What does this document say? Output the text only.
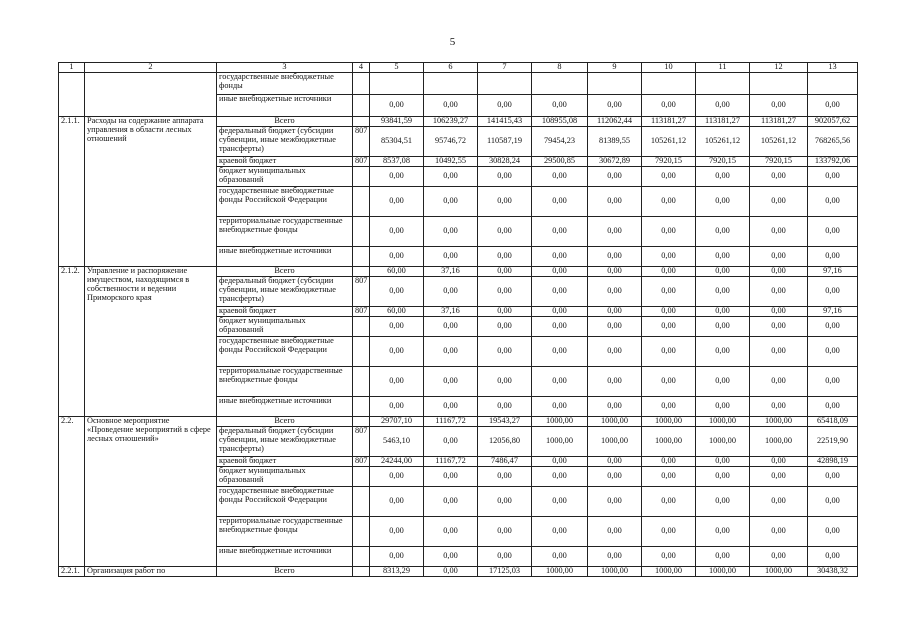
5
1	2	3	4	5	6	7	8	9	10	11	12	13
		государственные внебюджетные фонды										
		иные внебюджетные источники		0,00	0,00	0,00	0,00	0,00	0,00	0,00	0,00	0,00
2.1.1.	Расходы на содержание аппарата управления в области лесных отношений	Всего		93841,59	106239,27	141415,43	108955,08	112062,44	113181,27	113181,27	113181,27	902057,62
		федеральный бюджет (субсидии субвенции, иные межбюджетные трансферты)	807	85304,51	95746,72	110587,19	79454,23	81389,55	105261,12	105261,12	105261,12	768265,56
		краевой бюджет	807	8537,08	10492,55	30828,24	29500,85	30672,89	7920,15	7920,15	7920,15	133792,06
		бюджет муниципальных образований		0,00	0,00	0,00	0,00	0,00	0,00	0,00	0,00	0,00
		государственные внебюджетные фонды Российской Федерации		0,00	0,00	0,00	0,00	0,00	0,00	0,00	0,00	0,00
		территориальные государственные внебюджетные фонды		0,00	0,00	0,00	0,00	0,00	0,00	0,00	0,00	0,00
		иные внебюджетные источники		0,00	0,00	0,00	0,00	0,00	0,00	0,00	0,00	0,00
2.1.2.	Управление и распоряжение имуществом, находящимся в собственности и ведении Приморского края	Всего		60,00	37,16	0,00	0,00	0,00	0,00	0,00	0,00	97,16
		федеральный бюджет (субсидии субвенции, иные межбюджетные трансферты)	807	0,00	0,00	0,00	0,00	0,00	0,00	0,00	0,00	0,00
		краевой бюджет	807	60,00	37,16	0,00	0,00	0,00	0,00	0,00	0,00	97,16
		бюджет муниципальных образований		0,00	0,00	0,00	0,00	0,00	0,00	0,00	0,00	0,00
		государственные внебюджетные фонды Российской Федерации		0,00	0,00	0,00	0,00	0,00	0,00	0,00	0,00	0,00
		территориальные государственные внебюджетные фонды		0,00	0,00	0,00	0,00	0,00	0,00	0,00	0,00	0,00
		иные внебюджетные источники		0,00	0,00	0,00	0,00	0,00	0,00	0,00	0,00	0,00
2.2.	Основное мероприятие «Проведение мероприятий в сфере лесных отношений»	Всего		29707,10	11167,72	19543,27	1000,00	1000,00	1000,00	1000,00	1000,00	65418,09
		федеральный бюджет (субсидии субвенции, иные межбюджетные трансферты)	807	5463,10	0,00	12056,80	1000,00	1000,00	1000,00	1000,00	1000,00	22519,90
		краевой бюджет	807	24244,00	11167,72	7486,47	0,00	0,00	0,00	0,00	0,00	42898,19
		бюджет муниципальных образований		0,00	0,00	0,00	0,00	0,00	0,00	0,00	0,00	0,00
		государственные внебюджетные фонды Российской Федерации		0,00	0,00	0,00	0,00	0,00	0,00	0,00	0,00	0,00
		территориальные государственные внебюджетные фонды		0,00	0,00	0,00	0,00	0,00	0,00	0,00	0,00	0,00
		иные внебюджетные источники		0,00	0,00	0,00	0,00	0,00	0,00	0,00	0,00	0,00
2.2.1.	Организация работ по	Всего		8313,29	0,00	17125,03	1000,00	1000,00	1000,00	1000,00	1000,00	30438,32
